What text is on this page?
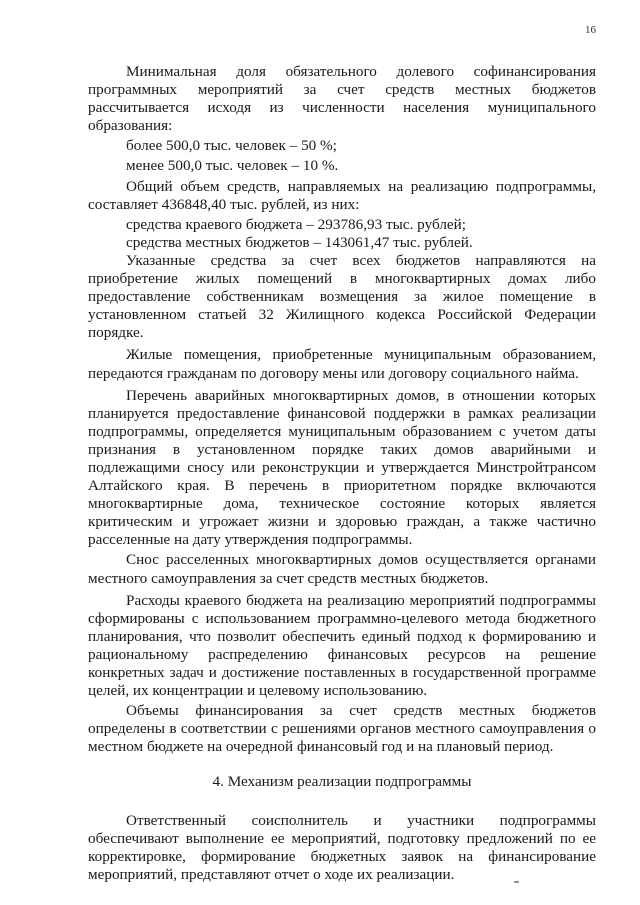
16

Минимальная доля обязательного долевого софинансирования программных мероприятий за счет средств местных бюджетов рассчитывается исходя из численности населения муниципального образования:

более 500,0 тыс. человек – 50 %;

менее 500,0 тыс. человек – 10 %.

Общий объем средств, направляемых на реализацию подпрограммы, составляет 436848,40 тыс. рублей, из них:

средства краевого бюджета – 293786,93 тыс. рублей;

средства местных бюджетов – 143061,47 тыс. рублей.

Указанные средства за счет всех бюджетов направляются на приобретение жилых помещений в многоквартирных домах либо предоставление собственникам возмещения за жилое помещение в установленном статьей 32 Жилищного кодекса Российской Федерации порядке.

Жилые помещения, приобретенные муниципальным образованием, передаются гражданам по договору мены или договору социального найма.

Перечень аварийных многоквартирных домов, в отношении которых планируется предоставление финансовой поддержки в рамках реализации подпрограммы, определяется муниципальным образованием с учетом даты признания в установленном порядке таких домов аварийными и подлежащими сносу или реконструкции и утверждается Минстройтрансом Алтайского края. В перечень в приоритетном порядке включаются многоквартирные дома, техническое состояние которых является критическим и угрожает жизни и здоровью граждан, а также частично расселенные на дату утверждения подпрограммы.

Снос расселенных многоквартирных домов осуществляется органами местного самоуправления за счет средств местных бюджетов.

Расходы краевого бюджета на реализацию мероприятий подпрограммы сформированы с использованием программно-целевого метода бюджетного планирования, что позволит обеспечить единый подход к формированию и рациональному распределению финансовых ресурсов на решение конкретных задач и достижение поставленных в государственной программе целей, их концентрации и целевому использованию.

Объемы финансирования за счет средств местных бюджетов определены в соответствии с решениями органов местного самоуправления о местном бюджете на очередной финансовый год и на плановый период.

4. Механизм реализации подпрограммы

Ответственный соисполнитель и участники подпрограммы обеспечивают выполнение ее мероприятий, подготовку предложений по ее корректировке, формирование бюджетных заявок на финансирование мероприятий, представляют отчет о ходе их реализации.
